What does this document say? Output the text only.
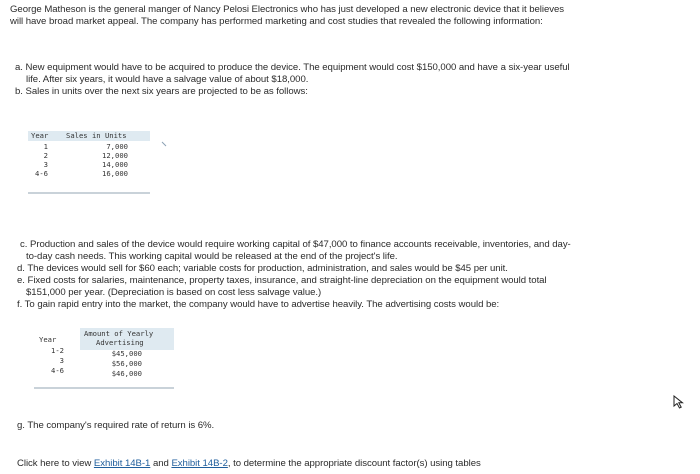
George Matheson is the general manger of Nancy Pelosi Electronics who has just developed a new electronic device that it believes

will have broad market appeal. The company has performed marketing and cost studies that revealed the following information:

a. New equipment would have to be acquired to produce the device. The equipment would cost $150,000 and have a six-year useful

life. After six years, it would have a salvage value of about $18,000.

b. Sales in units over the next six years are projected to be as follows:

Year Sales in Units
1	7,000
2	12,000
3	14,000
4-6	16,000

c. Production and sales of the device would require working capital of $47,000 to finance accounts receivable, inventories, and day-

to-day cash needs. This working capital would be released at the end of the project's life.

d. The devices would sell for $60 each; variable costs for production, administration, and sales would be $45 per unit.

e. Fixed costs for salaries, maintenance, property taxes, insurance, and straight-line depreciation on the equipment would total

$151,000 per year. (Depreciation is based on cost less salvage value.)

f. To gain rapid entry into the market, the company would have to advertise heavily. The advertising costs would be:

Amount of Yearly
Advertising
Year
1-2	$45,000
3	$56,000
4-6	$46,000

g. The company's required rate of return is 6%.

Click here to view Exhibit 14B-1 and Exhibit 14B-2, to determine the appropriate discount factor(s) using tables
